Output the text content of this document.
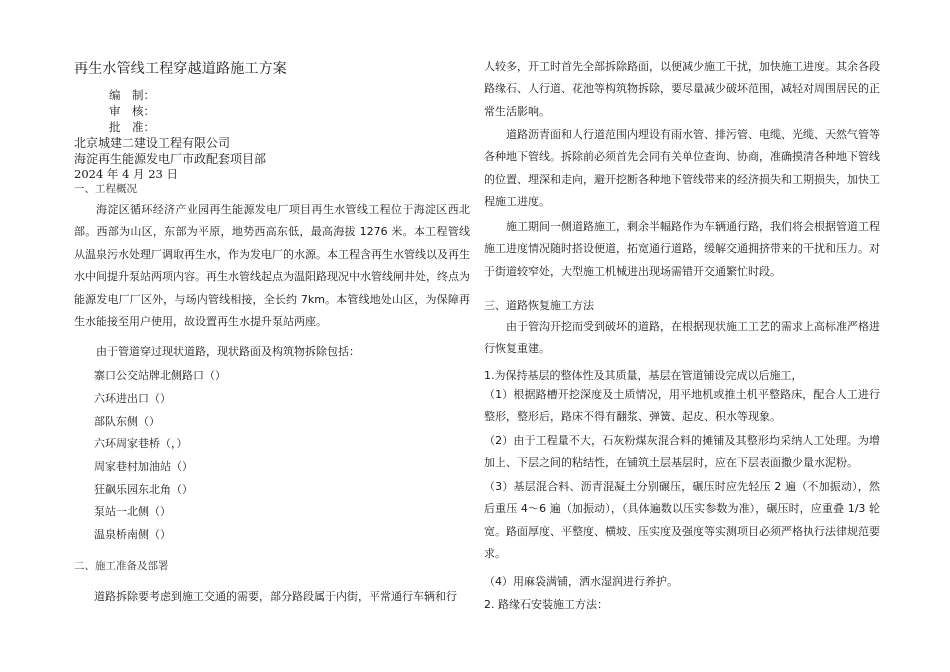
再生水管线工程穿越道路施工方案
编　制：
审　核：
批　准：
北京城建二建设工程有限公司
海淀再生能源发电厂市政配套项目部
2024 年 4 月 23 日
一、工程概况

海淀区循环经济产业园再生能源发电厂项目再生水管线工程位于海淀区西北部。西部为山区，东部为平原，地势西高东低，最高海拔 1276 米。本工程管线从温泉污水处理厂调取再生水，作为发电厂的水源。本工程含再生水管线以及再生水中间提升泵站两项内容。再生水管线起点为温阳路现况中水管线闸井处，终点为能源发电厂厂区外，与场内管线相接，全长约 7km。本管线地处山区，为保障再生水能接至用户使用，故设置再生水提升泵站两座。

由于管道穿过现状道路，现状路面及构筑物拆除包括：

寨口公交站牌北侧路口（）
六环进出口（）
部队东侧（）
六环周家巷桥（，）
周家巷村加油站（）
狂飙乐园东北角（）
泵站一北侧（）
温泉桥南侧（）
二、施工准备及部署
道路拆除要考虑到施工交通的需要，部分路段属于内街，平常通行车辆和行

人较多，开工时首先全部拆除路面，以便减少施工干扰，加快施工进度。其余各段路缘石、人行道、花池等构筑物拆除，要尽量减少破坏范围，减轻对周围居民的正常生活影响。

道路沥青面和人行道范围内埋设有雨水管、排污管、电缆、光缆、天然气管等各种地下管线。拆除前必须首先会同有关单位查询、协商，准确摸清各种地下管线的位置、埋深和走向，避开挖断各种地下管线带来的经济损失和工期损失，加快工程施工进度。

施工期间一侧道路施工，剩余半幅路作为车辆通行路，我们将会根据管道工程施工进度情况随时搭设便道，拓宽通行道路，缓解交通拥挤带来的干扰和压力。对于街道较窄处，大型施工机械进出现场需错开交通繁忙时段。

三、道路恢复施工方法

由于管沟开挖而受到破坏的道路，在根据现状施工工艺的需求上高标准严格进行恢复重建。

1.为保持基层的整体性及其质量，基层在管道铺设完成以后施工，

（1）根据路槽开挖深度及土质情况，用平地机或推土机平整路床，配合人工进行整形，整形后，路床不得有翻浆、弹簧、起皮、积水等现象。

（2）由于工程量不大，石灰粉煤灰混合料的摊铺及其整形均采纳人工处理。为增加上、下层之间的粘结性，在铺筑土层基层时，应在下层表面撒少量水泥粉。

（3）基层混合料、沥青混凝土分别碾压，碾压时应先轻压 2 遍（不加振动），然后重压 4～6 遍（加振动），（具体遍数以压实参数为准），碾压时，应重叠 1/3 轮宽。路面厚度、平整度、横坡、压实度及强度等实测项目必须严格执行法律规范要求。

（4）用麻袋满铺，洒水湿润进行养护。
2. 路缘石安装施工方法：
